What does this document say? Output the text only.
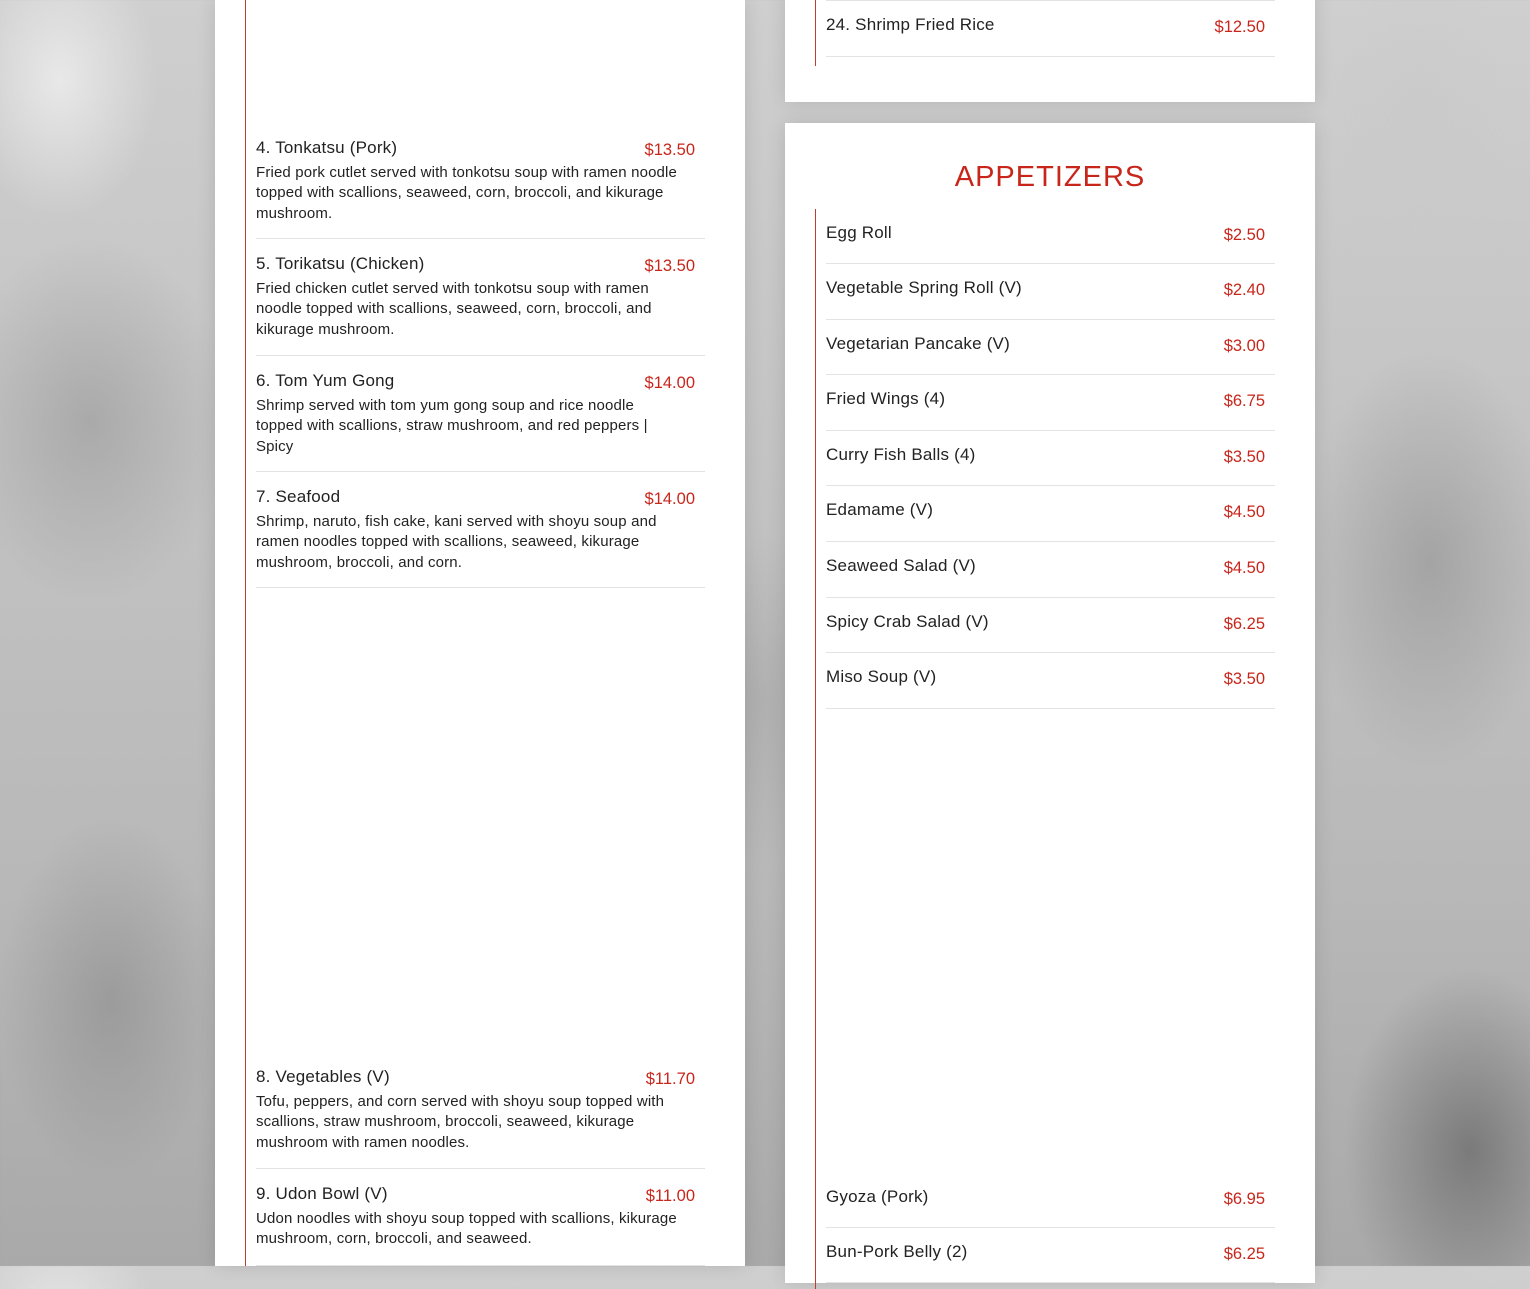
4. Tonkatsu (Pork)	$13.50
Fried pork cutlet served with tonkotsu soup with ramen noodle topped with scallions, seaweed, corn, broccoli, and kikurage mushroom.
5. Torikatsu (Chicken)	$13.50
Fried chicken cutlet served with tonkotsu soup with ramen noodle topped with scallions, seaweed, corn, broccoli, and kikurage mushroom.
6. Tom Yum Gong	$14.00
Shrimp served with tom yum gong soup and rice noodle topped with scallions, straw mushroom, and red peppers | Spicy
7. Seafood	$14.00
Shrimp, naruto, fish cake, kani served with shoyu soup and ramen noodles topped with scallions, seaweed, kikurage mushroom, broccoli, and corn.
8. Vegetables (V)	$11.70
Tofu, peppers, and corn served with shoyu soup topped with scallions, straw mushroom, broccoli, seaweed, kikurage mushroom with ramen noodles.
9. Udon Bowl (V)	$11.00
Udon noodles with shoyu soup topped with scallions, kikurage mushroom, corn, broccoli, and seaweed.
24. Shrimp Fried Rice	$12.50
APPETIZERS
Egg Roll	$2.50
Vegetable Spring Roll (V)	$2.40
Vegetarian Pancake (V)	$3.00
Fried Wings (4)	$6.75
Curry Fish Balls (4)	$3.50
Edamame (V)	$4.50
Seaweed Salad (V)	$4.50
Spicy Crab Salad (V)	$6.25
Miso Soup (V)	$3.50
Gyoza (Pork)	$6.95
Bun-Pork Belly (2)	$6.25
